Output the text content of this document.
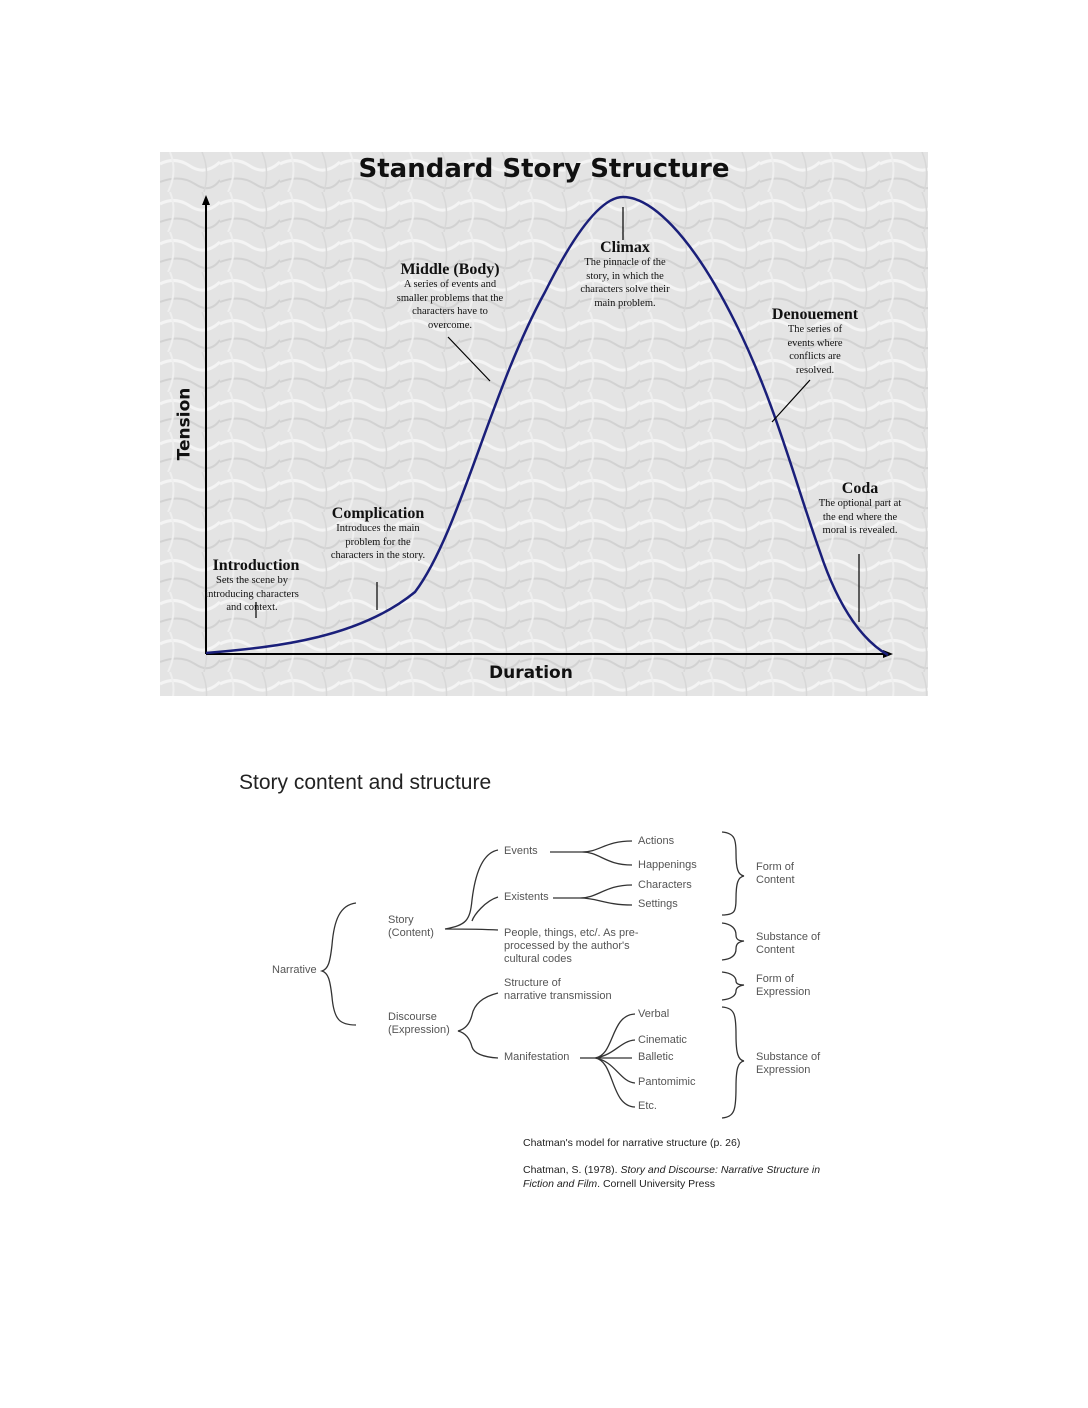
Standard Story Structure
Duration
Tension
Introduction
Sets the scene by introducing characters and context.
Complication
Introduces the main problem for the characters in the story.
Middle (Body)
A series of events and smaller problems that the characters have to overcome.
Climax
The pinnacle of the story, in which the characters solve their main problem.
Denouement
The series of events where conflicts are resolved.
Coda
The optional part at the end where the moral is revealed.
Story content and structure
Narrative
Story
(Content)
Discourse
(Expression)
Events
Existents
People, things, etc/. As pre-
processed by the author's
cultural codes
Structure of
narrative transmission
Manifestation
Actions
Happenings
Characters
Settings
Verbal
Cinematic
Balletic
Pantomimic
Etc.
Form of
Content
Substance of
Content
Form of
Expression
Substance of
Expression
Chatman's model for narrative structure (p. 26)
Chatman, S. (1978). Story and Discourse: Narrative Structure in
Fiction and Film. Cornell University Press
